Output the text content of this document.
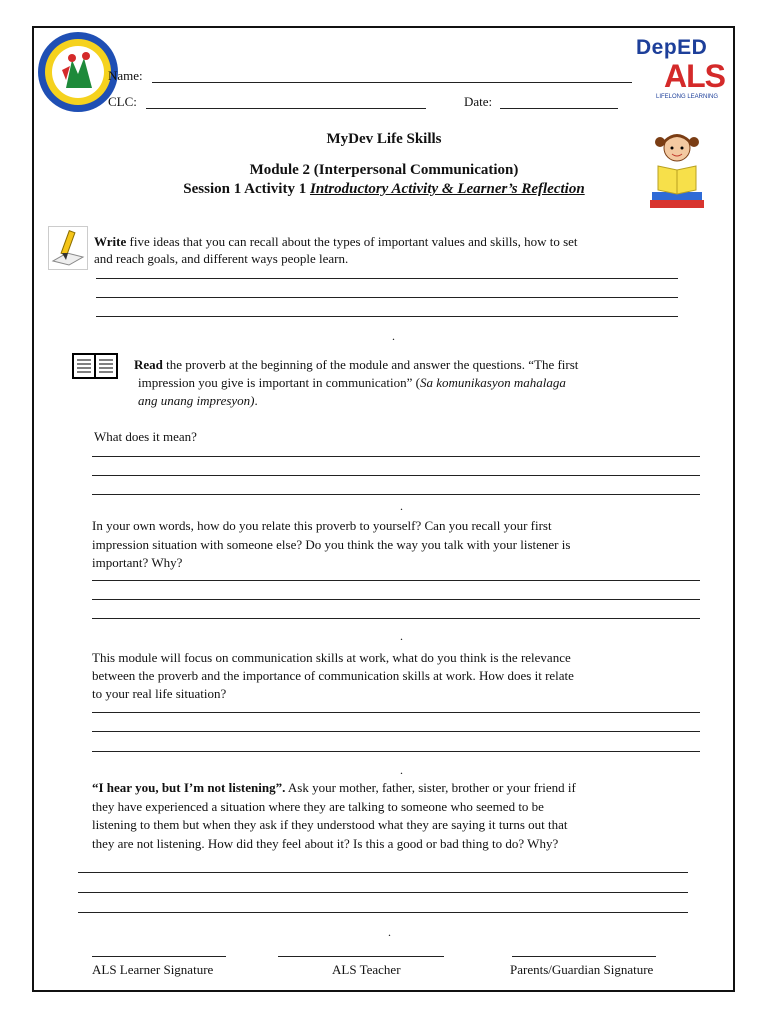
DepED
ALS
LIFELONG LEARNING
Name:
CLC:	Date:
MyDev Life Skills
Module 2 (Interpersonal Communication)
Session 1 Activity 1 Introductory Activity & Learner’s Reflection
Write five ideas that you can recall about the types of important values and skills, how to set
and reach goals, and different ways people learn.
.
Read the proverb at the beginning of the module and answer the questions. “The first
impression you give is important in communication” (Sa komunikasyon mahalaga
ang unang impresyon).
What does it mean?
.
In your own words, how do you relate this proverb to yourself? Can you recall your first
impression situation with someone else? Do you think the way you talk with your listener is
important? Why?
.
This module will focus on communication skills at work, what do you think is the relevance
between the proverb and the importance of communication skills at work. How does it relate
to your real life situation?
.
“I hear you, but I’m not listening”. Ask your mother, father, sister, brother or your friend if
they have experienced a situation where they are talking to someone who seemed to be
listening to them but when they ask if they understood what they are saying it turns out that
they are not listening. How did they feel about it? Is this a good or bad thing to do? Why?
.
ALS Learner Signature	ALS Teacher	Parents/Guardian Signature
